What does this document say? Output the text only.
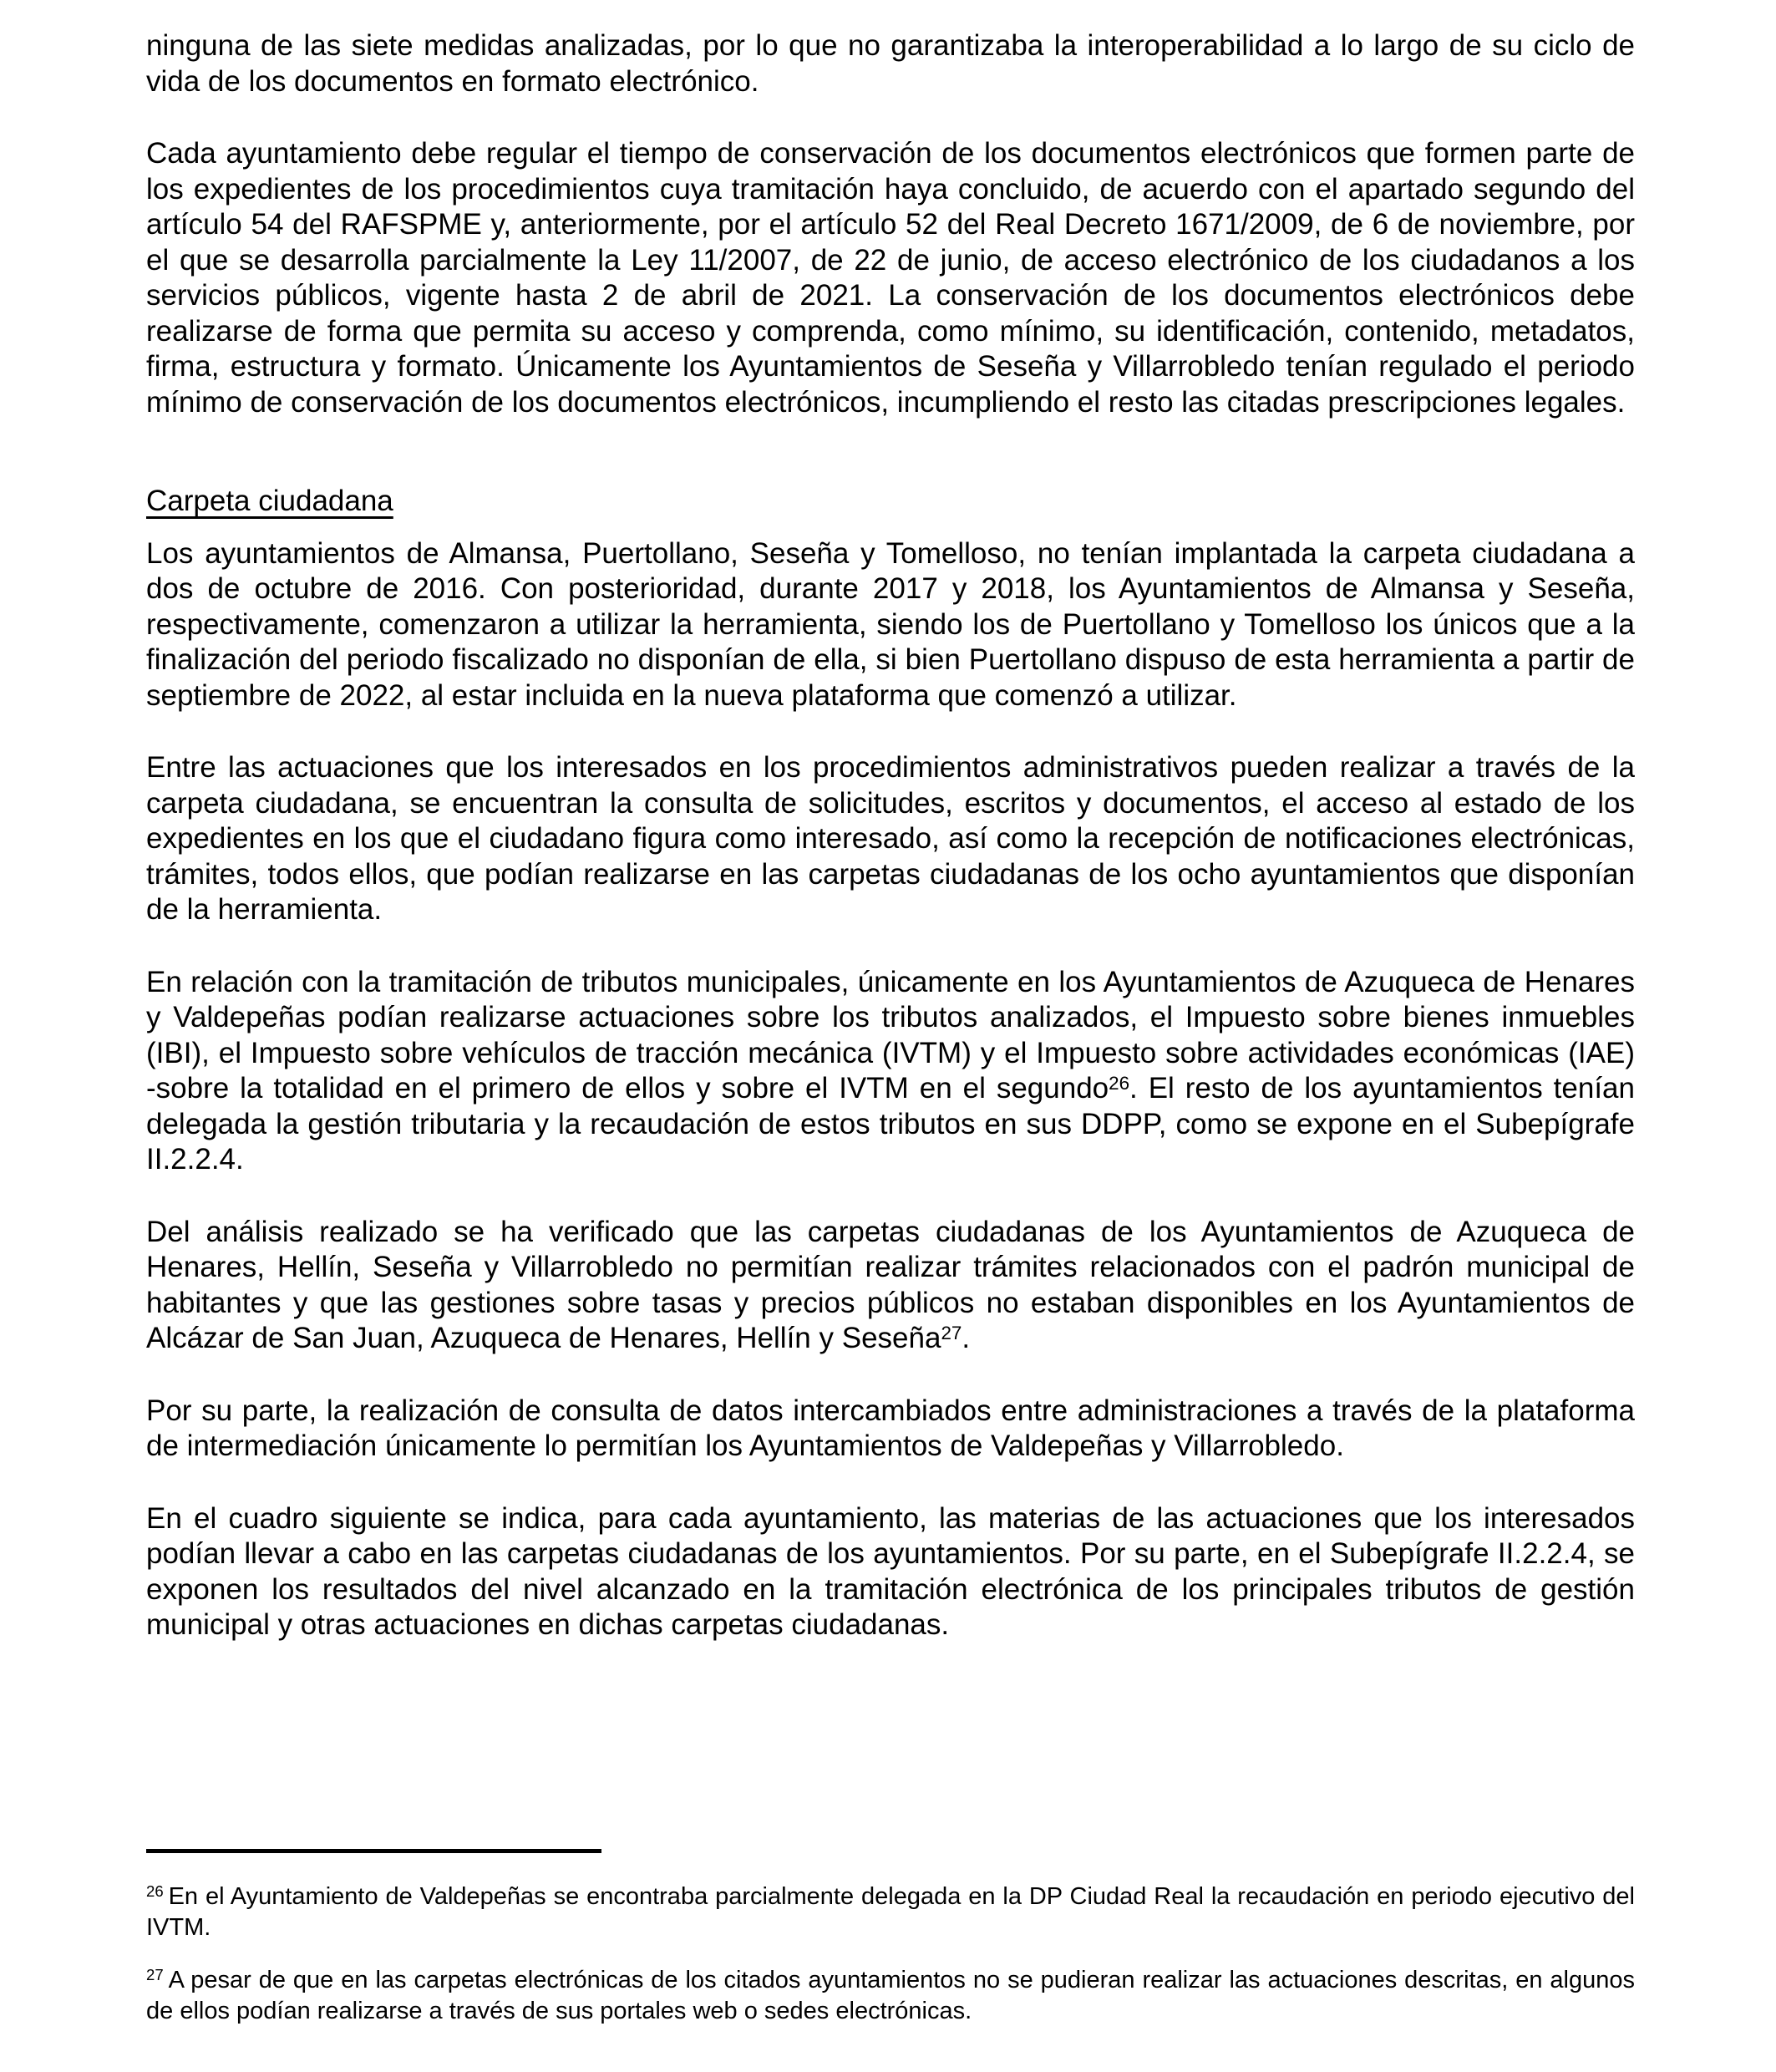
ninguna de las siete medidas analizadas, por lo que no garantizaba la interoperabilidad a lo largo de su ciclo de vida de los documentos en formato electrónico.

Cada ayuntamiento debe regular el tiempo de conservación de los documentos electrónicos que formen parte de los expedientes de los procedimientos cuya tramitación haya concluido, de acuerdo con el apartado segundo del artículo 54 del RAFSPME y, anteriormente, por el artículo 52 del Real Decreto 1671/2009, de 6 de noviembre, por el que se desarrolla parcialmente la Ley 11/2007, de 22 de junio, de acceso electrónico de los ciudadanos a los servicios públicos, vigente hasta 2 de abril de 2021. La conservación de los documentos electrónicos debe realizarse de forma que permita su acceso y comprenda, como mínimo, su identificación, contenido, metadatos, firma, estructura y formato. Únicamente los Ayuntamientos de Seseña y Villarrobledo tenían regulado el periodo mínimo de conservación de los documentos electrónicos, incumpliendo el resto las citadas prescripciones legales.

Carpeta ciudadana

Los ayuntamientos de Almansa, Puertollano, Seseña y Tomelloso, no tenían implantada la carpeta ciudadana a dos de octubre de 2016. Con posterioridad, durante 2017 y 2018, los Ayuntamientos de Almansa y Seseña, respectivamente, comenzaron a utilizar la herramienta, siendo los de Puertollano y Tomelloso los únicos que a la finalización del periodo fiscalizado no disponían de ella, si bien Puertollano dispuso de esta herramienta a partir de septiembre de 2022, al estar incluida en la nueva plataforma que comenzó a utilizar.

Entre las actuaciones que los interesados en los procedimientos administrativos pueden realizar a través de la carpeta ciudadana, se encuentran la consulta de solicitudes, escritos y documentos, el acceso al estado de los expedientes en los que el ciudadano figura como interesado, así como la recepción de notificaciones electrónicas, trámites, todos ellos, que podían realizarse en las carpetas ciudadanas de los ocho ayuntamientos que disponían de la herramienta.

En relación con la tramitación de tributos municipales, únicamente en los Ayuntamientos de Azuqueca de Henares y Valdepeñas podían realizarse actuaciones sobre los tributos analizados, el Impuesto sobre bienes inmuebles (IBI), el Impuesto sobre vehículos de tracción mecánica (IVTM) y el Impuesto sobre actividades económicas (IAE) -sobre la totalidad en el primero de ellos y sobre el IVTM en el segundo$^{26}$. El resto de los ayuntamientos tenían delegada la gestión tributaria y la recaudación de estos tributos en sus DDPP, como se expone en el Subepígrafe II.2.2.4.

Del análisis realizado se ha verificado que las carpetas ciudadanas de los Ayuntamientos de Azuqueca de Henares, Hellín, Seseña y Villarrobledo no permitían realizar trámites relacionados con el padrón municipal de habitantes y que las gestiones sobre tasas y precios públicos no estaban disponibles en los Ayuntamientos de Alcázar de San Juan, Azuqueca de Henares, Hellín y Seseña$^{27}$.

Por su parte, la realización de consulta de datos intercambiados entre administraciones a través de la plataforma de intermediación únicamente lo permitían los Ayuntamientos de Valdepeñas y Villarrobledo.

En el cuadro siguiente se indica, para cada ayuntamiento, las materias de las actuaciones que los interesados podían llevar a cabo en las carpetas ciudadanas de los ayuntamientos. Por su parte, en el Subepígrafe II.2.2.4, se exponen los resultados del nivel alcanzado en la tramitación electrónica de los principales tributos de gestión municipal y otras actuaciones en dichas carpetas ciudadanas.

$^{26}$ En el Ayuntamiento de Valdepeñas se encontraba parcialmente delegada en la DP Ciudad Real la recaudación en periodo ejecutivo del IVTM.
$^{27}$ A pesar de que en las carpetas electrónicas de los citados ayuntamientos no se pudieran realizar las actuaciones descritas, en algunos de ellos podían realizarse a través de sus portales web o sedes electrónicas.
